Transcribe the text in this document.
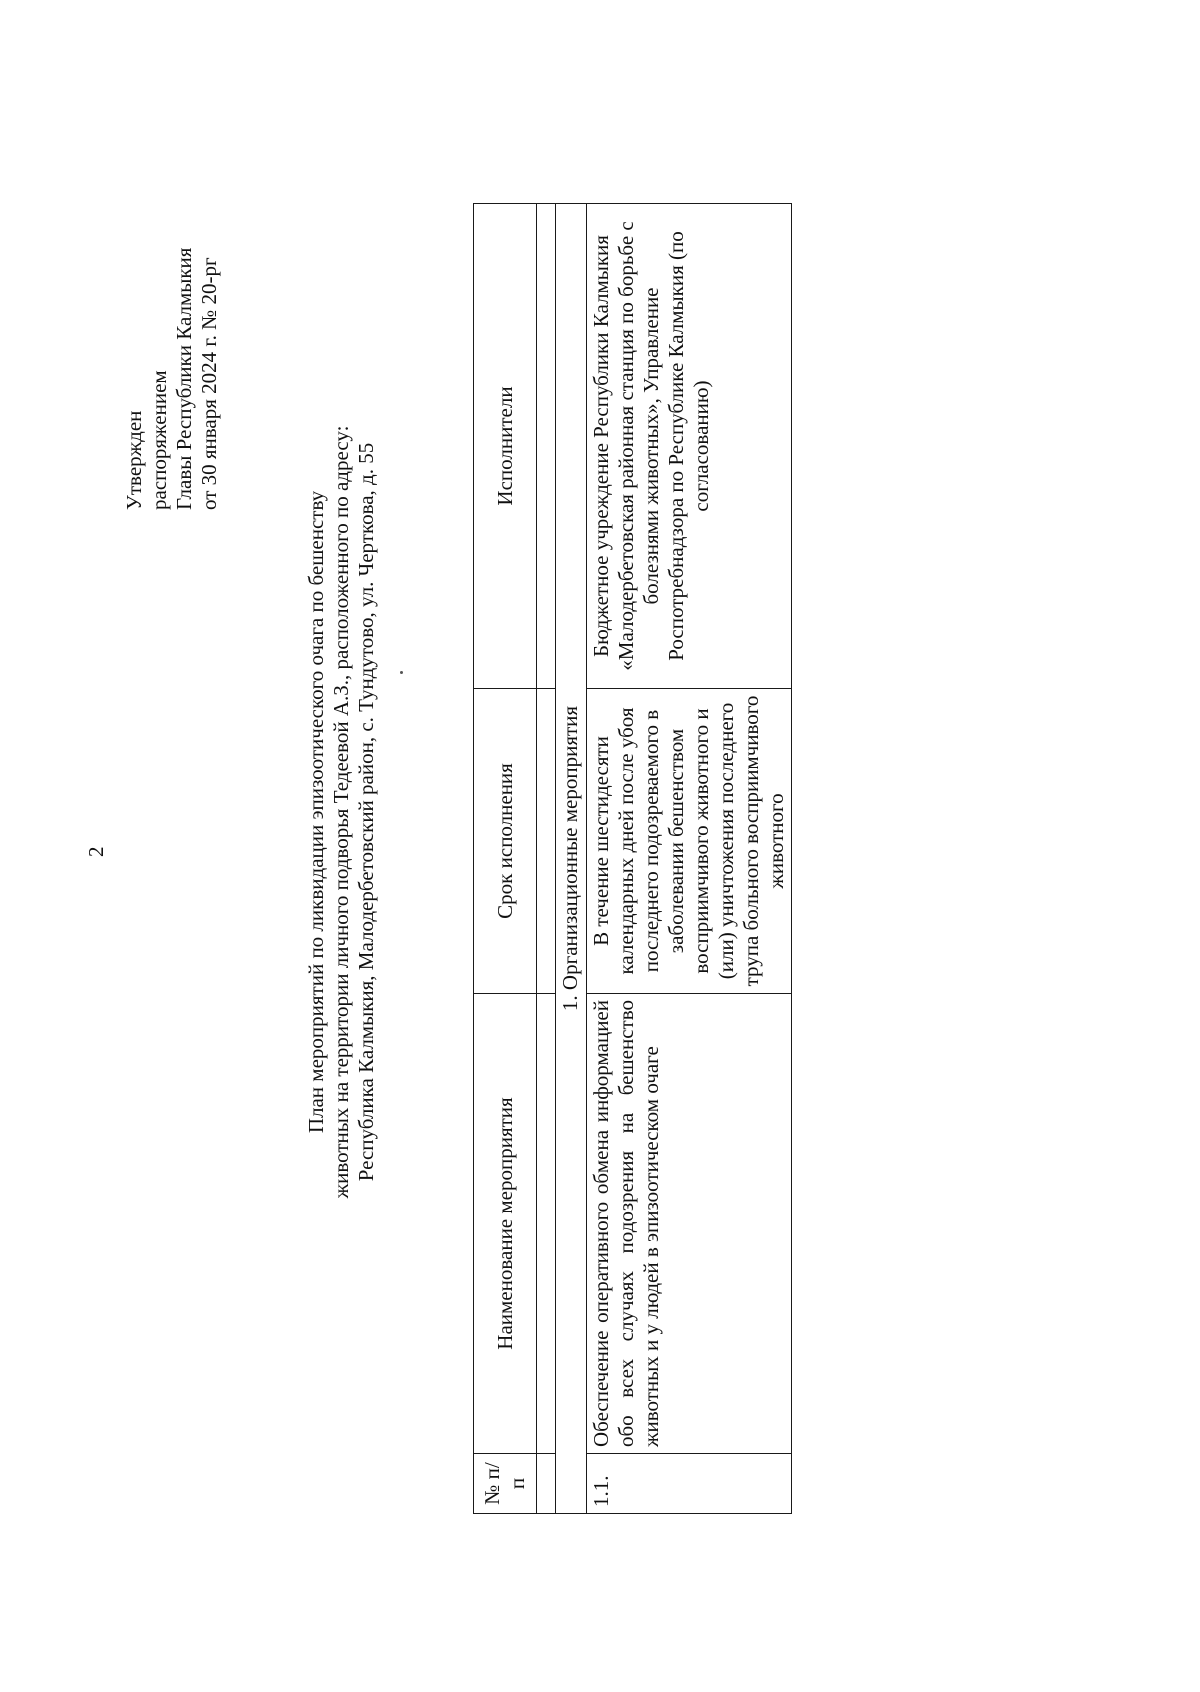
2
Утвержден распоряжением Главы Республики Калмыкия от 30 января 2024 г. № 20-рг
План мероприятий по ликвидации эпизоотического очага по бешенству животных на территории личного подворья Тедеевой А.З., расположенного по адресу: Республика Калмыкия, Малодербетовский район, с. Тундутово, ул. Черткова, д. 55
№ п/п	Наименование мероприятия	Срок исполнения	Исполнители

1. Организационные мероприятия			
1.1.	Обеспечение оперативного обмена информацией обо всех случаях подозрения на бешенство животных и у людей в эпизоотическом очаге	В течение шестидесяти календарных дней после убоя последнего подозреваемого в заболевании бешенством восприимчивого животного и (или) уничтожения последнего трупа больного восприимчивого животного	Бюджетное учреждение Республики Калмыкия «Малодербетовская районная станция по борьбе с болезнями животных», Управление Роспотребнадзора по Республике Калмыкия (по согласованию)
